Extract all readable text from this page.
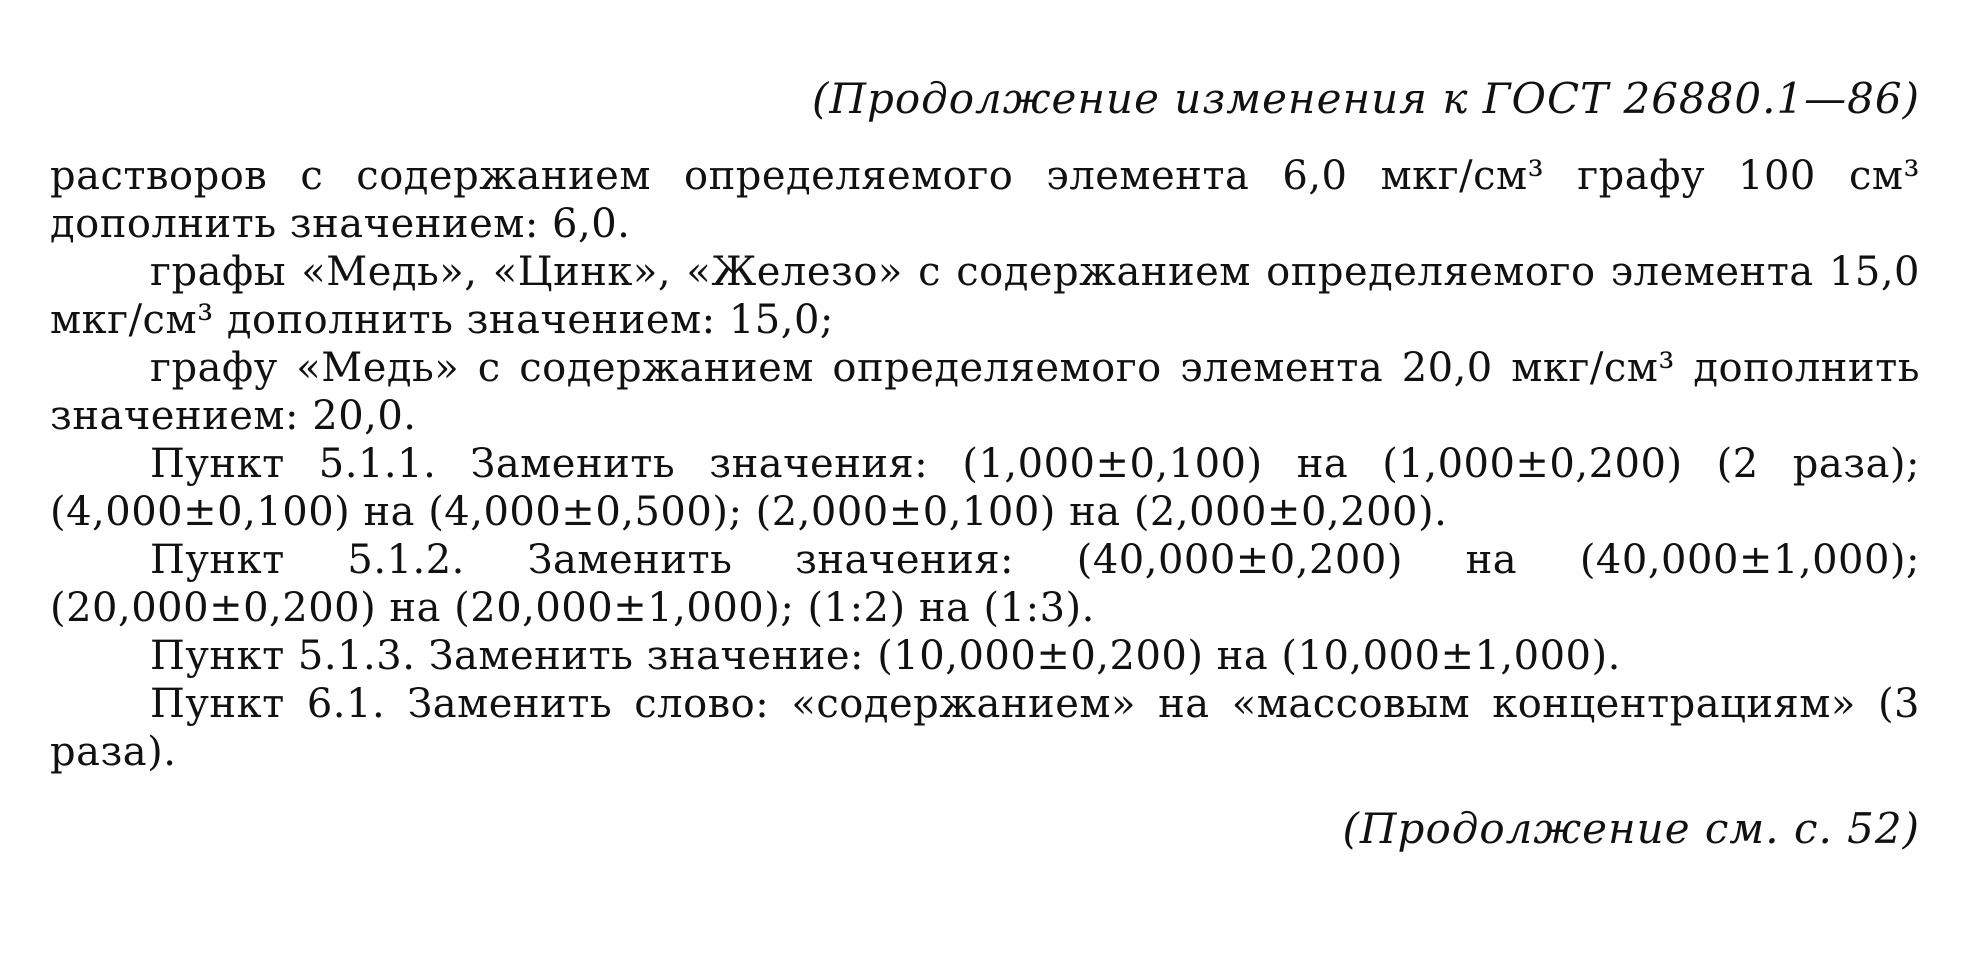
(Продолжение изменения к ГОСТ 26880.1—86)

растворов с содержанием определяемого элемента 6,0 мкг/см³ графу 100 см³ дополнить значением: 6,0.

графы «Медь», «Цинк», «Железо» с содержанием определяемого элемента 15,0 мкг/см³ дополнить значением: 15,0;

графу «Медь» с содержанием определяемого элемента 20,0 мкг/см³ дополнить значением: 20,0.

Пункт 5.1.1. Заменить значения: (1,000±0,100) на (1,000±0,200) (2 раза); (4,000±0,100) на (4,000±0,500); (2,000±0,100) на (2,000±0,200).

Пункт 5.1.2. Заменить значения: (40,000±0,200) на (40,000±1,000); (20,000±0,200) на (20,000±1,000); (1:2) на (1:3).

Пункт 5.1.3. Заменить значение: (10,000±0,200) на (10,000±1,000).

Пункт 6.1. Заменить слово: «содержанием» на «массовым концентрациям» (3 раза).

(Продолжение см. с. 52)
